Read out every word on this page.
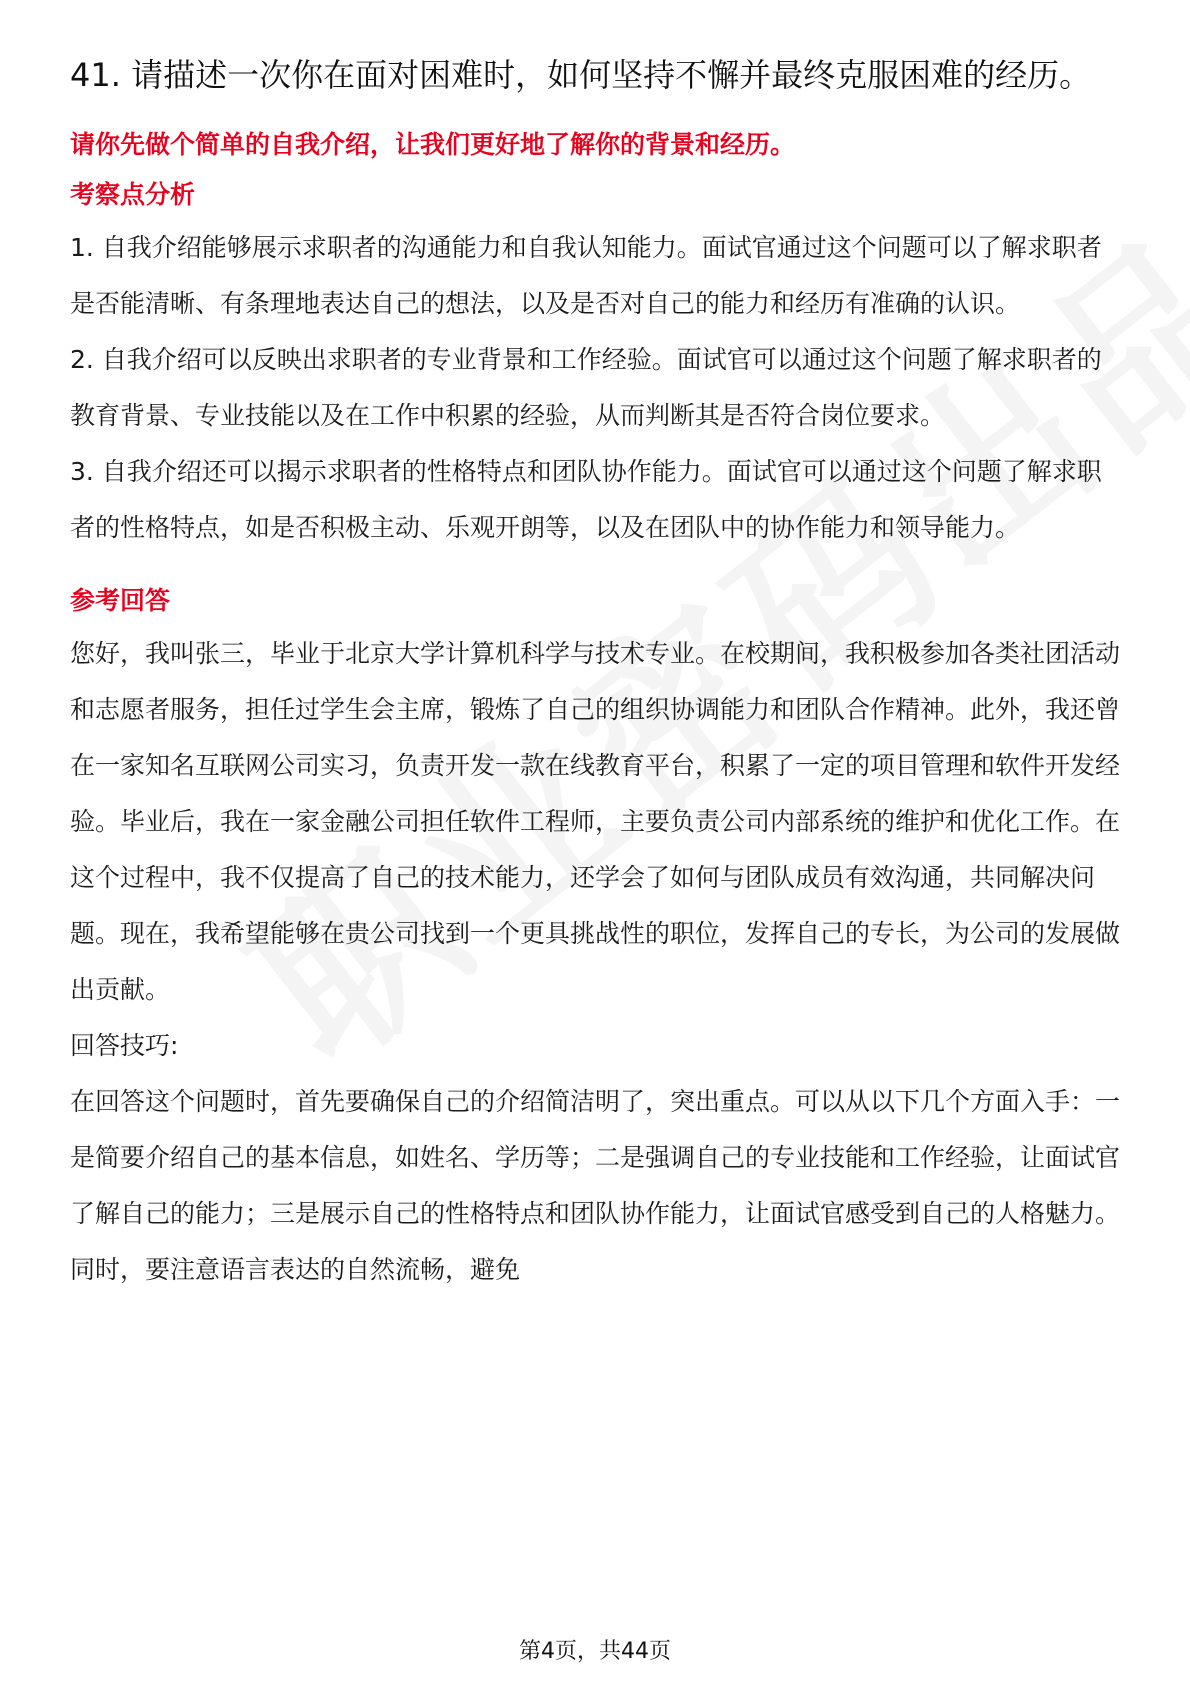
41. 请描述一次你在面对困难时，如何坚持不懈并最终克服困难的经历。

请你先做个简单的自我介绍，让我们更好地了解你的背景和经历。

考察点分析

1. 自我介绍能够展示求职者的沟通能力和自我认知能力。面试官通过这个问题可以了解求职者是否能清晰、有条理地表达自己的想法，以及是否对自己的能力和经历有准确的认识。

2. 自我介绍可以反映出求职者的专业背景和工作经验。面试官可以通过这个问题了解求职者的教育背景、专业技能以及在工作中积累的经验，从而判断其是否符合岗位要求。

3. 自我介绍还可以揭示求职者的性格特点和团队协作能力。面试官可以通过这个问题了解求职者的性格特点，如是否积极主动、乐观开朗等，以及在团队中的协作能力和领导能力。

参考回答

您好，我叫张三，毕业于北京大学计算机科学与技术专业。在校期间，我积极参加各类社团活动和志愿者服务，担任过学生会主席，锻炼了自己的组织协调能力和团队合作精神。此外，我还曾在一家知名互联网公司实习，负责开发一款在线教育平台，积累了一定的项目管理和软件开发经验。毕业后，我在一家金融公司担任软件工程师，主要负责公司内部系统的维护和优化工作。在这个过程中，我不仅提高了自己的技术能力，还学会了如何与团队成员有效沟通，共同解决问题。现在，我希望能够在贵公司找到一个更具挑战性的职位，发挥自己的专长，为公司的发展做出贡献。

回答技巧:

在回答这个问题时，首先要确保自己的介绍简洁明了，突出重点。可以从以下几个方面入手：一是简要介绍自己的基本信息，如姓名、学历等；二是强调自己的专业技能和工作经验，让面试官了解自己的能力；三是展示自己的性格特点和团队协作能力，让面试官感受到自己的人格魅力。同时，要注意语言表达的自然流畅，避免

第4页，共44页
